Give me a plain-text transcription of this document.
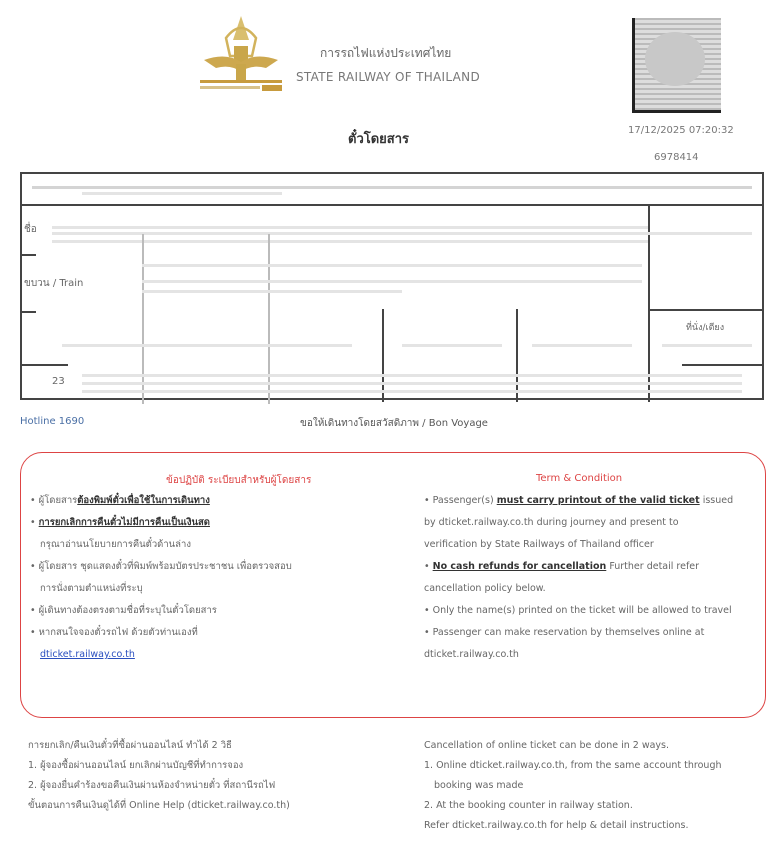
การรถไฟแห่งประเทศไทย
STATE RAILWAY OF THAILAND
ตั๋วโดยสาร
17/12/2025 07:20:32
6978414
ชื่อ
ขบวน / Train
ที่นั่ง/เตียง
23
Hotline 1690	ขอให้เดินทางโดยสวัสดิภาพ / Bon Voyage
ข้อปฏิบัติ ระเบียบสำหรับผู้โดยสาร	Term & Condition
• ผู้โดยสารต้องพิมพ์ตั๋วเพื่อใช้ในการเดินทาง
• การยกเลิกการคืนตั๋วไม่มีการคืนเป็นเงินสด
กรุณาอ่านนโยบายการคืนตั๋วด้านล่าง
• ผู้โดยสาร ชุดแสดงตั๋วที่พิมพ์พร้อมบัตรประชาชน เพื่อตรวจสอบ
การนั่งตามตำแหน่งที่ระบุ
• ผู้เดินทางต้องตรงตามชื่อที่ระบุในตั๋วโดยสาร
• หากสนใจจองตั๋วรถไฟ ด้วยตัวท่านเองที่
dticket.railway.co.th
• Passenger(s) must carry printout of the valid ticket issued by dticket.railway.co.th during journey and present to verification by State Railways of Thailand officer
• No cash refunds for cancellation Further detail refer cancellation policy below.
• Only the name(s) printed on the ticket will be allowed to travel
• Passenger can make reservation by themselves online at dticket.railway.co.th
การยกเลิก/คืนเงินตั๋วที่ซื้อผ่านออนไลน์ ทำได้ 2 วิธี
1. ผู้จองซื้อผ่านออนไลน์ ยกเลิกผ่านบัญชีที่ทำการจอง
2. ผู้จองยื่นคำร้องขอคืนเงินผ่านห้องจำหน่ายตั๋ว ที่สถานีรถไฟ
ขั้นตอนการคืนเงินดูได้ที่ Online Help (dticket.railway.co.th)
Cancellation of online ticket can be done in 2 ways.
1. Online dticket.railway.co.th, from the same account through
booking was made
2. At the booking counter in railway station.
Refer dticket.railway.co.th for help & detail instructions.
